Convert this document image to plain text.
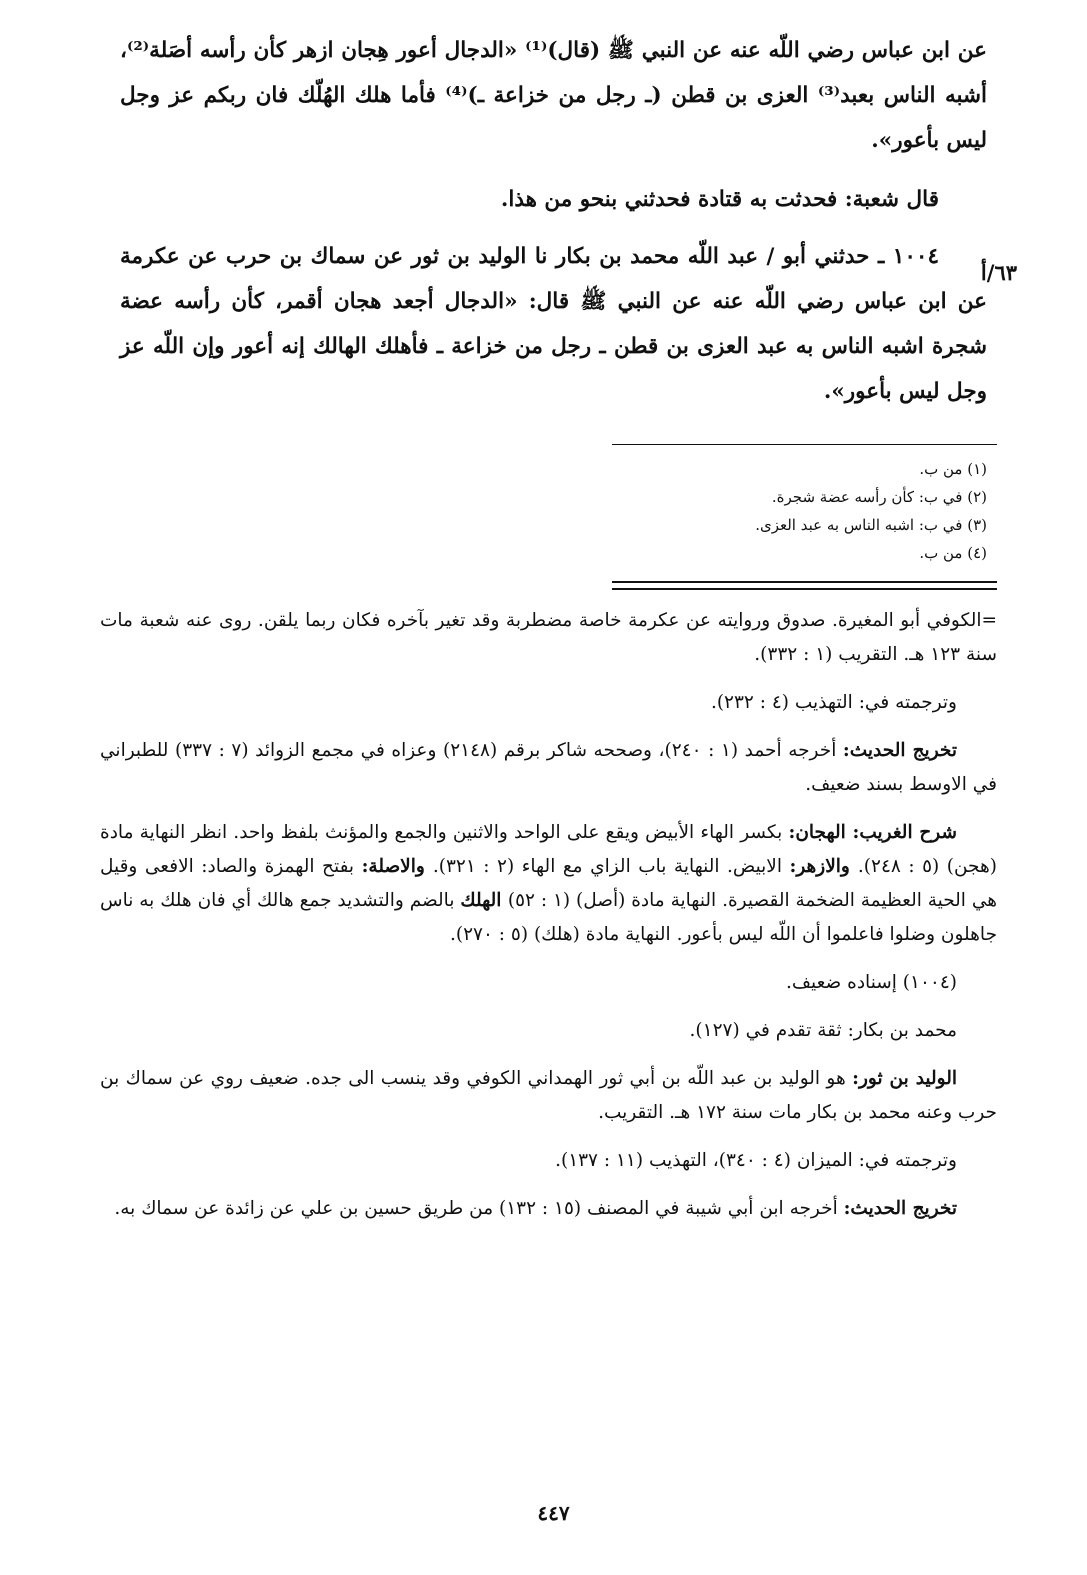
عن ابن عباس رضي اللّه عنه عن النبي ﷺ (قال)⁽¹⁾ «الدجال أعور هِجان ازهر كأن رأسه أصَلة⁽²⁾، أشبه الناس بعبد⁽³⁾ العزى بن قطن (ـ رجل من خزاعة ـ)⁽⁴⁾ فأما هلك الهُلّك فان ربكم عز وجل ليس بأعور».

قال شعبة: فحدثت به قتادة فحدثني بنحو من هذا.

١٠٠٤ ـ حدثني أبو / عبد اللّه محمد بن بكار نا الوليد بن ثور عن سماك بن حرب عن عكرمة عن ابن عباس رضي اللّه عنه عن النبي ﷺ قال: «الدجال أجعد هجان أقمر، كأن رأسه عضة شجرة اشبه الناس به عبد العزى بن قطن ـ رجل من خزاعة ـ فأهلك الهالك إنه أعور وإن اللّه عز وجل ليس بأعور».

٦٣/أ
(١) من ب.
(٢) في ب: كأن رأسه عضة شجرة.
(٣) في ب: اشبه الناس به عبد العزى.
(٤) من ب.

=الكوفي أبو المغيرة. صدوق وروايته عن عكرمة خاصة مضطربة وقد تغير بآخره فكان ربما يلقن. روى عنه شعبة مات سنة ١٢٣ هـ. التقريب (١ : ٣٣٢).

وترجمته في: التهذيب (٤ : ٢٣٢).

تخريج الحديث: أخرجه أحمد (١ : ٢٤٠)، وصححه شاكر برقم (٢١٤٨) وعزاه في مجمع الزوائد (٧ : ٣٣٧) للطبراني في الاوسط بسند ضعيف.

شرح الغريب: الهجان: بكسر الهاء الأبيض ويقع على الواحد والاثنين والجمع والمؤنث بلفظ واحد. انظر النهاية مادة (هجن) (٥ : ٢٤٨). والازهر: الابيض. النهاية باب الزاي مع الهاء (٢ : ٣٢١). والاصلة: بفتح الهمزة والصاد: الافعى وقيل هي الحية العظيمة الضخمة القصيرة. النهاية مادة (أصل) (١ : ٥٢) الهلك بالضم والتشديد جمع هالك أي فان هلك به ناس جاهلون وضلوا فاعلموا أن اللّه ليس بأعور. النهاية مادة (هلك) (٥ : ٢٧٠).

(١٠٠٤) إسناده ضعيف.

محمد بن بكار: ثقة تقدم في (١٢٧).

الوليد بن ثور: هو الوليد بن عبد اللّه بن أبي ثور الهمداني الكوفي وقد ينسب الى جده. ضعيف روي عن سماك بن حرب وعنه محمد بن بكار مات سنة ١٧٢ هـ. التقريب.

وترجمته في: الميزان (٤ : ٣٤٠)، التهذيب (١١ : ١٣٧).

تخريج الحديث: أخرجه ابن أبي شيبة في المصنف (١٥ : ١٣٢) من طريق حسين بن علي عن زائدة عن سماك به.

٤٤٧
